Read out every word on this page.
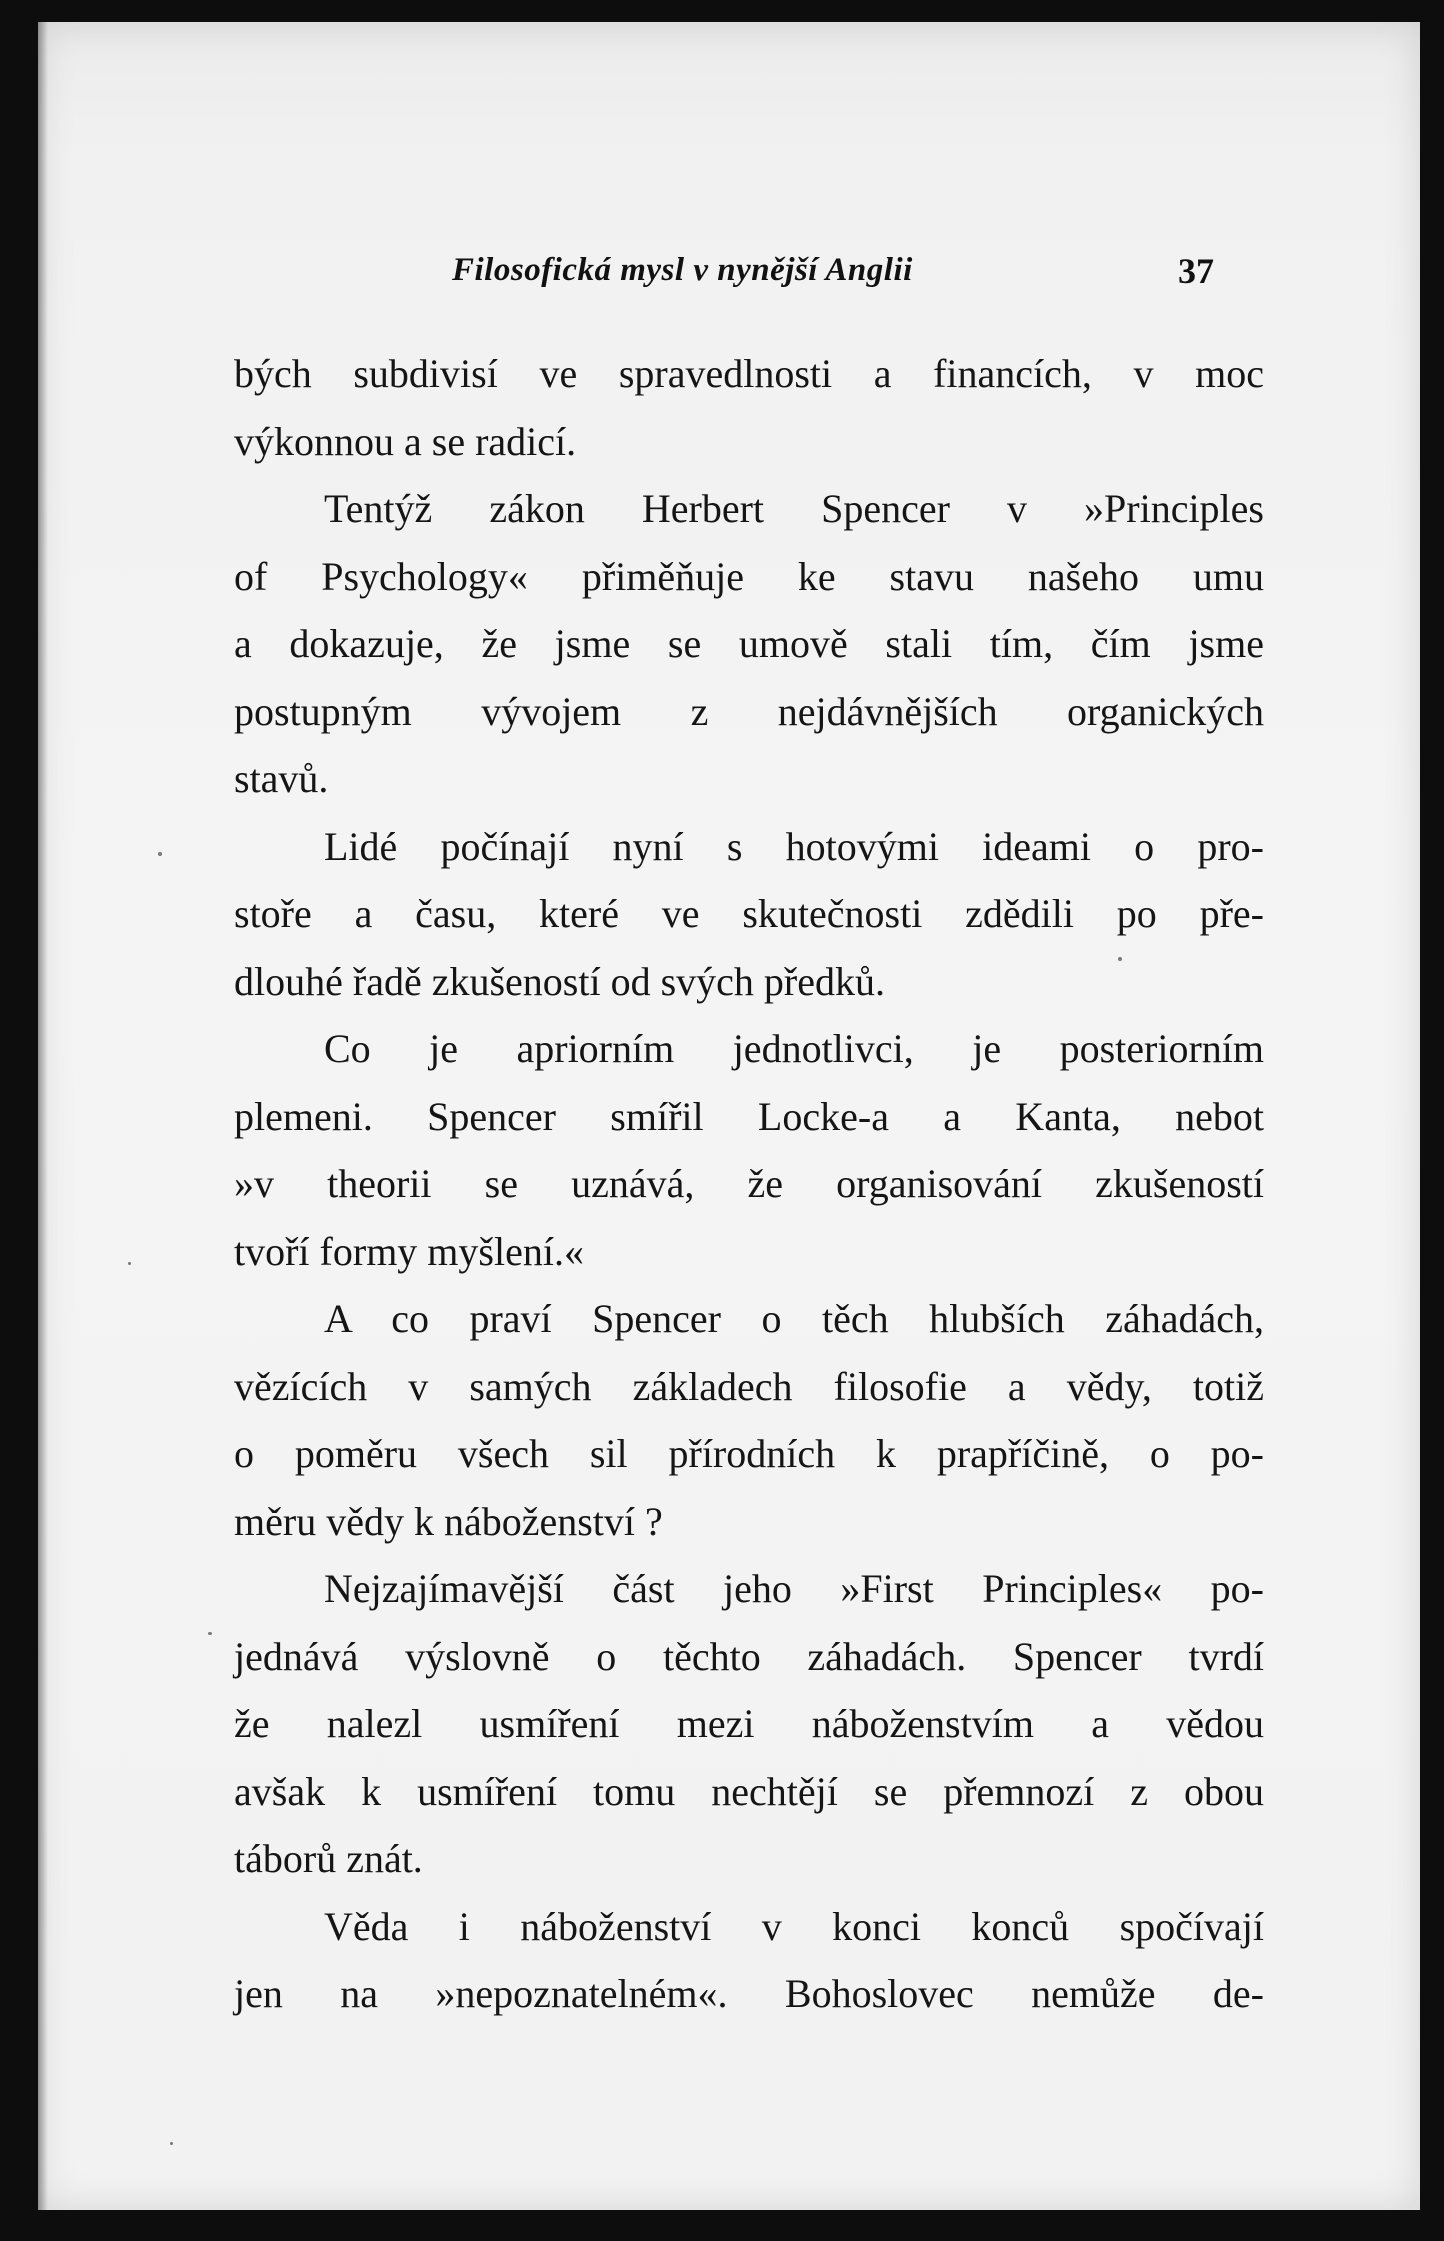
Filosofická mysl v nynější Anglii	37
bých subdivisí ve spravedlnosti a financích, v moc
výkonnou a se radicí.
Tentýž zákon Herbert Spencer v »Principles
of Psychology« přiměňuje ke stavu našeho umu
a dokazuje, že jsme se umově stali tím, čím jsme
postupným vývojem z nejdávnějších organických
stavů.
Lidé počínají nyní s hotovými ideami o pro-
stoře a času, které ve skutečnosti zdědili po pře-
dlouhé řadě zkušeností od svých předků.
Co je apriorním jednotlivci, je posteriorním
plemeni. Spencer smířil Locke-a a Kanta, nebot
»v theorii se uznává, že organisování zkušeností
tvoří formy myšlení.«
A co praví Spencer o těch hlubších záhadách,
vězících v samých základech filosofie a vědy, totiž
o poměru všech sil přírodních k prapříčině, o po-
měru vědy k náboženství ?
Nejzajímavější část jeho »First Principles« po-
jednává výslovně o těchto záhadách. Spencer tvrdí
že nalezl usmíření mezi náboženstvím a vědou
avšak k usmíření tomu nechtějí se přemnozí z obou
táborů znát.
Věda i náboženství v konci konců spočívají
jen na »nepoznatelném«. Bohoslovec nemůže de-
